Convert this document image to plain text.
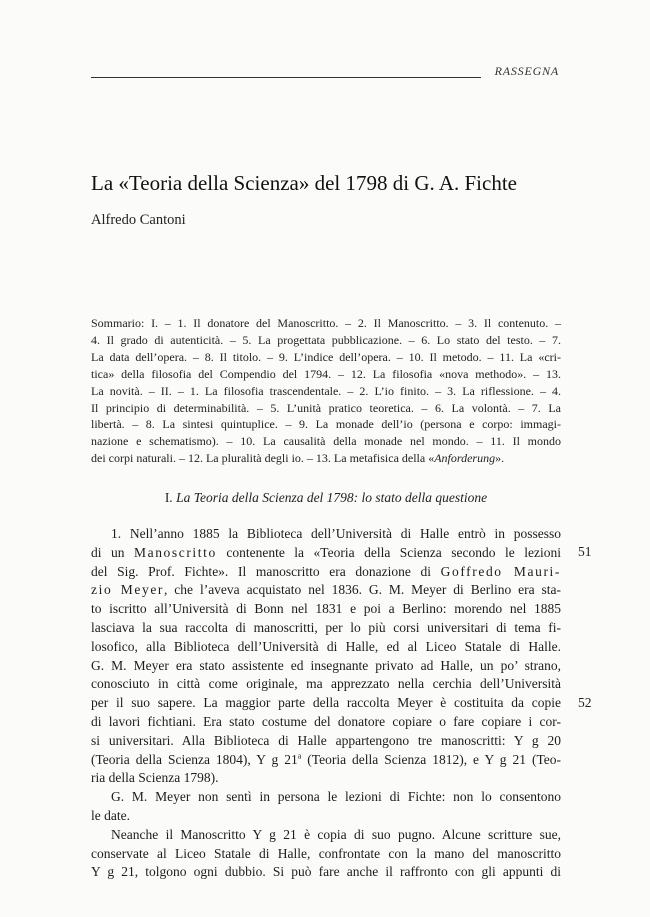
RASSEGNA
La «Teoria della Scienza» del 1798 di G. A. Fichte
Alfredo Cantoni
Sommario: I. – 1. Il donatore del Manoscritto. – 2. Il Manoscritto. – 3. Il contenuto. –
4. Il grado di autenticità. – 5. La progettata pubblicazione. – 6. Lo stato del testo. – 7.
La data dell’opera. – 8. Il titolo. – 9. L’indice dell’opera. – 10. Il metodo. – 11. La «cri-
tica» della filosofia del Compendio del 1794. – 12. La filosofia «nova methodo». – 13.
La novità. – II. – 1. La filosofia trascendentale. – 2. L’io finito. – 3. La riflessione. – 4.
Il principio di determinabilità. – 5. L’unità pratico teoretica. – 6. La volontà. – 7. La
libertà. – 8. La sintesi quintuplice. – 9. La monade dell’io (persona e corpo: immagi-
nazione e schematismo). – 10. La causalità della monade nel mondo. – 11. Il mondo
dei corpi naturali. – 12. La pluralità degli io. – 13. La metafisica della «Anforderung».
I. La Teoria della Scienza del 1798: lo stato della questione
1. Nell’anno 1885 la Biblioteca dell’Università di Halle entrò in possesso
di un Manoscritto contenente la «Teoria della Scienza secondo le lezioni
del Sig. Prof. Fichte». Il manoscritto era donazione di Goffredo Mauri-
zio Meyer, che l’aveva acquistato nel 1836. G. M. Meyer di Berlino era sta-
to iscritto all’Università di Bonn nel 1831 e poi a Berlino: morendo nel 1885
lasciava la sua raccolta di manoscritti, per lo più corsi universitari di tema fi-
losofico, alla Biblioteca dell’Università di Halle, ed al Liceo Statale di Halle.
G. M. Meyer era stato assistente ed insegnante privato ad Halle, un po’ strano,
conosciuto in città come originale, ma apprezzato nella cerchia dell’Università
per il suo sapere. La maggior parte della raccolta Meyer è costituita da copie
di lavori fichtiani. Era stato costume del donatore copiare o fare copiare i cor-
si universitari. Alla Biblioteca di Halle appartengono tre manoscritti: Y g 20
(Teoria della Scienza 1804), Y g 21$^a$ (Teoria della Scienza 1812), e Y g 21 (Teo-
ria della Scienza 1798).
G. M. Meyer non sentì in persona le lezioni di Fichte: non lo consentono
le date.
Neanche il Manoscritto Y g 21 è copia di suo pugno. Alcune scritture sue,
conservate al Liceo Statale di Halle, confrontate con la mano del manoscritto
Y g 21, tolgono ogni dubbio. Si può fare anche il raffronto con gli appunti di
51
52
